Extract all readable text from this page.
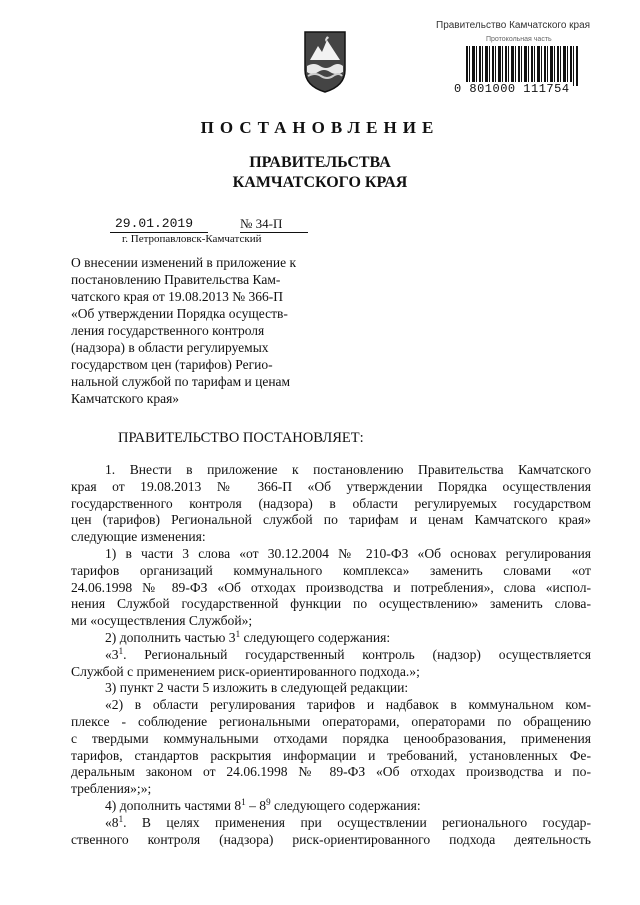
Правительство Камчатского края
Протокольная часть
0 801000 111754
ПОСТАНОВЛЕНИЕ
ПРАВИТЕЛЬСТВА
КАМЧАТСКОГО КРАЯ
29.01.2019	№ 34-П
г. Петропавловск-Камчатский
О внесении изменений в приложение к
постановлению Правительства Кам-
чатского края от 19.08.2013 № 366-П
«Об утверждении Порядка осуществ-
ления государственного контроля
(надзора) в области регулируемых
государством цен (тарифов) Регио-
нальной службой по тарифам и ценам
Камчатского края»
ПРАВИТЕЛЬСТВО ПОСТАНОВЛЯЕТ:
1. Внести в приложение к постановлению Правительства Камчатского
края от 19.08.2013 № 366-П «Об утверждении Порядка осуществления
государственного контроля (надзора) в области регулируемых государством
цен (тарифов) Региональной службой по тарифам и ценам Камчатского края»
следующие изменения:
1) в части 3 слова «от 30.12.2004 № 210-ФЗ «Об основах регулирования
тарифов организаций коммунального комплекса» заменить словами «от
24.06.1998 № 89-ФЗ «Об отходах производства и потребления», слова «испол-
нения Службой государственной функции по осуществлению» заменить слова-
ми «осуществления Службой»;
2) дополнить частью $3^1$ следующего содержания:
«$3^1$. Региональный государственный контроль (надзор) осуществляется
Службой с применением риск-ориентированного подхода.»;
3) пункт 2 части 5 изложить в следующей редакции:
«2) в области регулирования тарифов и надбавок в коммунальном ком-
плексе - соблюдение региональными операторами, операторами по обращению
с твердыми коммунальными отходами порядка ценообразования, применения
тарифов, стандартов раскрытия информации и требований, установленных Фе-
деральным законом от 24.06.1998 № 89-ФЗ «Об отходах производства и по-
требления»;»;
4) дополнить частями $8^1 - 8^9$ следующего содержания:
«$8^1$. В целях применения при осуществлении регионального государ-
ственного контроля (надзора) риск-ориентированного подхода деятельность
